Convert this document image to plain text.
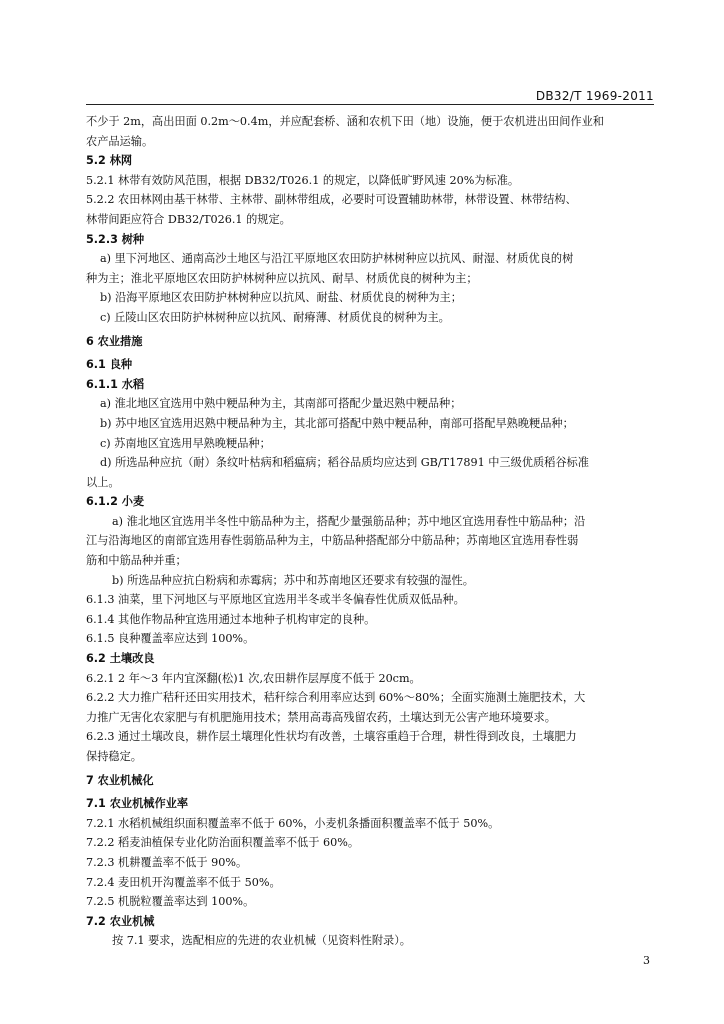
DB32/T 1969-2011
不少于 2m，高出田面 0.2m～0.4m，并应配套桥、涵和农机下田（地）设施，便于农机进出田间作业和
农产品运输。
5.2 林网
5.2.1 林带有效防风范围，根据 DB32/T026.1 的规定，以降低旷野风速 20%为标准。
5.2.2 农田林网由基干林带、主林带、副林带组成，必要时可设置辅助林带，林带设置、林带结构、
林带间距应符合 DB32/T026.1 的规定。
5.2.3 树种
a) 里下河地区、通南高沙土地区与沿江平原地区农田防护林树种应以抗风、耐湿、材质优良的树
种为主；淮北平原地区农田防护林树种应以抗风、耐旱、材质优良的树种为主；
b) 沿海平原地区农田防护林树种应以抗风、耐盐、材质优良的树种为主；
c) 丘陵山区农田防护林树种应以抗风、耐瘠薄、材质优良的树种为主。
6 农业措施
6.1 良种
6.1.1 水稻
a) 淮北地区宜选用中熟中粳品种为主，其南部可搭配少量迟熟中粳品种；
b) 苏中地区宜选用迟熟中粳品种为主，其北部可搭配中熟中粳品种，南部可搭配早熟晚粳品种；
c) 苏南地区宜选用早熟晚粳品种；
d) 所选品种应抗（耐）条纹叶枯病和稻瘟病；稻谷品质均应达到 GB/T17891 中三级优质稻谷标准
以上。
6.1.2 小麦
a) 淮北地区宜选用半冬性中筋品种为主，搭配少量强筋品种；苏中地区宜选用春性中筋品种；沿
江与沿海地区的南部宜选用春性弱筋品种为主，中筋品种搭配部分中筋品种；苏南地区宜选用春性弱
筋和中筋品种并重；
b) 所选品种应抗白粉病和赤霉病；苏中和苏南地区还要求有较强的湿性。
6.1.3 油菜，里下河地区与平原地区宜选用半冬或半冬偏春性优质双低品种。
6.1.4 其他作物品种宜选用通过本地种子机构审定的良种。
6.1.5 良种覆盖率应达到 100%。
6.2 土壤改良
6.2.1 2 年～3 年内宜深翻(松)1 次,农田耕作层厚度不低于 20cm。
6.2.2 大力推广秸秆还田实用技术，秸秆综合利用率应达到 60%～80%；全面实施测土施肥技术，大
力推广无害化农家肥与有机肥施用技术；禁用高毒高残留农药，土壤达到无公害产地环境要求。
6.2.3 通过土壤改良，耕作层土壤理化性状均有改善，土壤容重趋于合理，耕性得到改良，土壤肥力
保持稳定。
7 农业机械化
7.1 农业机械作业率
7.2.1 水稻机械组织面积覆盖率不低于 60%，小麦机条播面积覆盖率不低于 50%。
7.2.2 稻麦油植保专业化防治面积覆盖率不低于 60%。
7.2.3 机耕覆盖率不低于 90%。
7.2.4 麦田机开沟覆盖率不低于 50%。
7.2.5 机脱粒覆盖率达到 100%。
7.2 农业机械
按 7.1 要求，选配相应的先进的农业机械（见资料性附录）。
3
